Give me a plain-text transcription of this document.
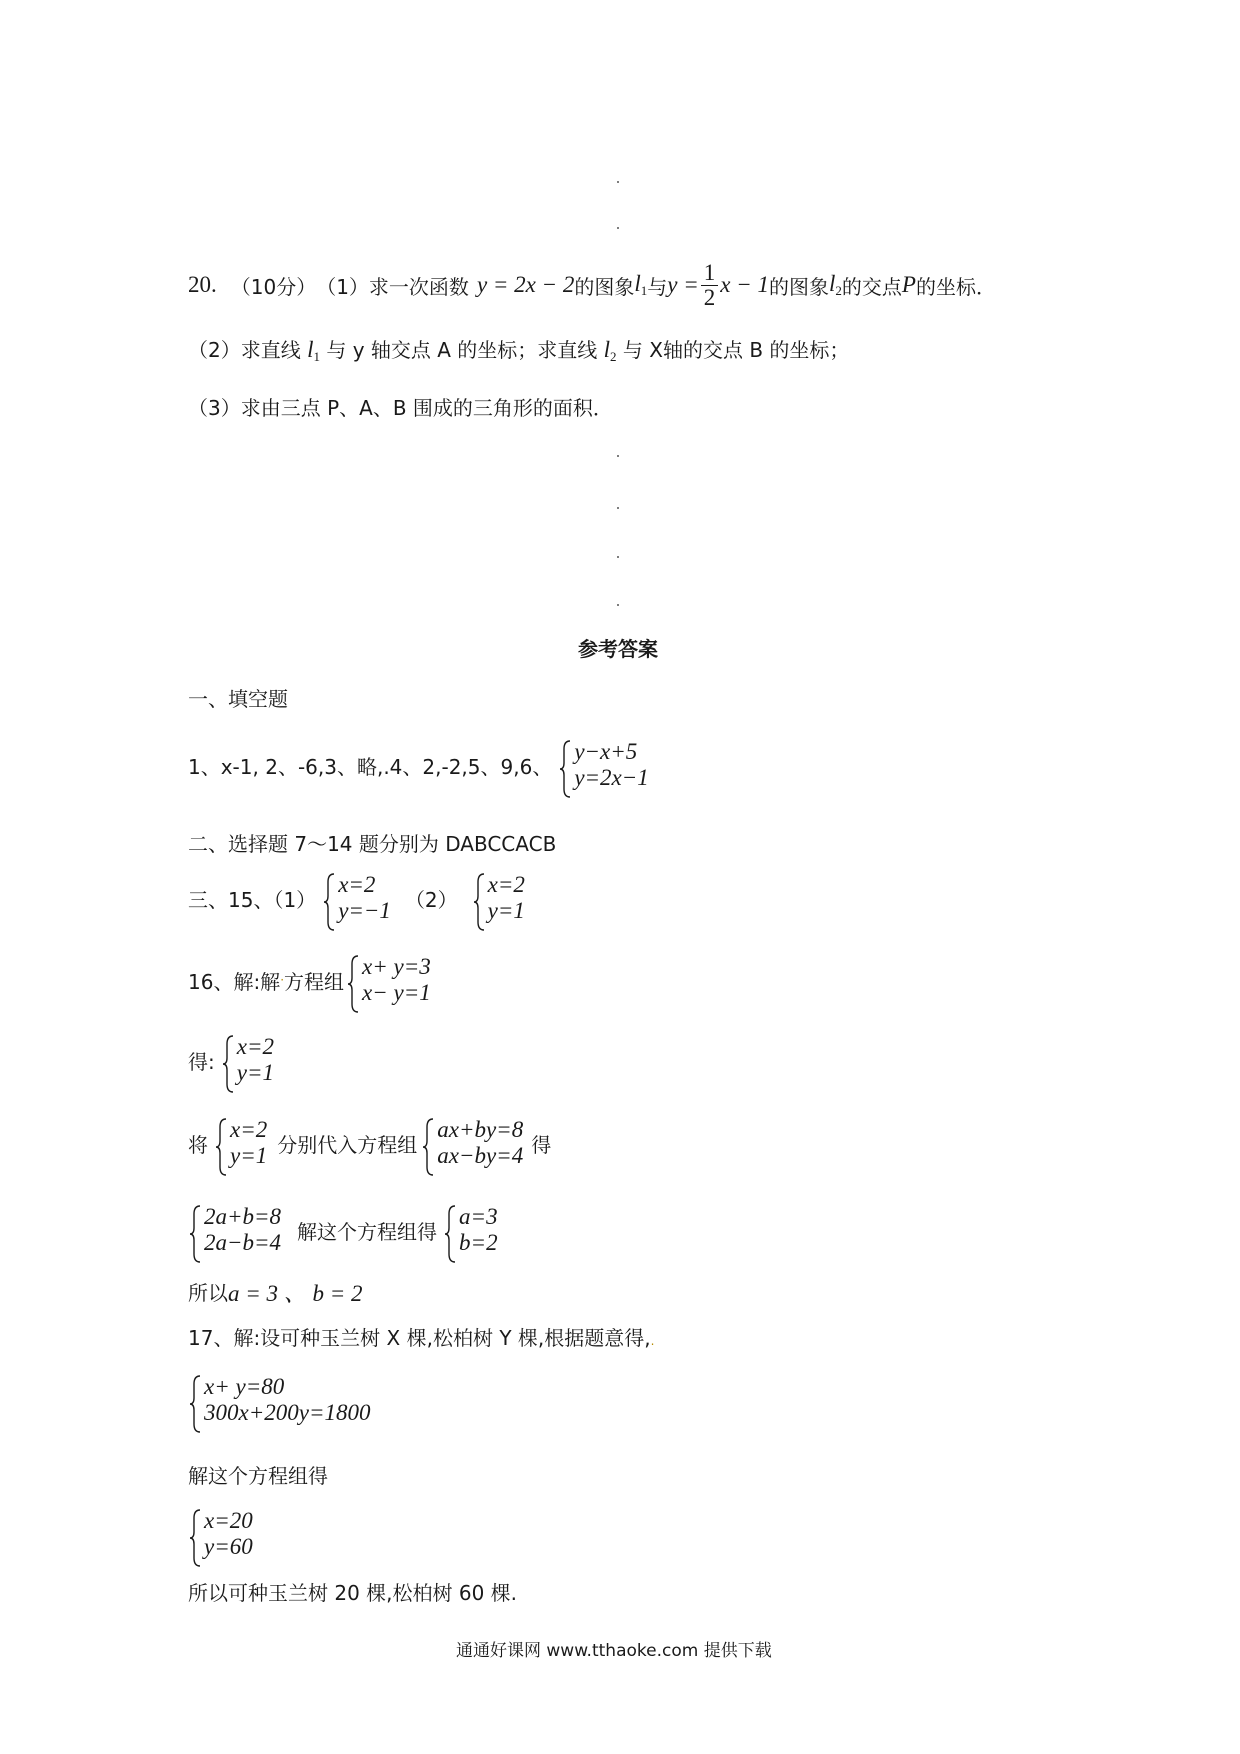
20. （10分） （1）求一次函数 y = 2x − 2 的图象 $l_1$ 与 $y = \frac{1}{2}$ x − 1 的图象 $l_2$ 的交点 P 的坐标．
（2）求直线 $l_1$ 与 y 轴交点 A 的坐标；求直线 $l_2$ 与 X轴的交点 B 的坐标；
（3）求由三点 P、A、B 围成的三角形的面积．
参考答案
一、填空题
1、x-1, 2、-6,3、略,.4、2,-2,5、9,6、
y−x+5
y=2x−1
二、选择题 7～14 题分别为 DABCCACB
三、15、（1）
x=2
y=−1 （2）
x=2
y=1
16、解:解 · 方程组
x+ y=3
x− y=1
得:
x=2
y=1
将
x=2
y=1 分别代入方程组
ax+by=8
ax−by=4 得
2a+b=8
2a−b=4 解这个方程组得
a=3
b=2
所以 a = 3 、 b = 2
17、解:设可种玉兰树 X 棵,松柏树 Y 棵,根据题意得,.
x+ y=80
300x+200y=1800
解这个方程组得
x=20
y=60
所以可种玉兰树 20 棵,松柏树 60 棵.
通通好课网 www.tthaoke.com 提供下载
